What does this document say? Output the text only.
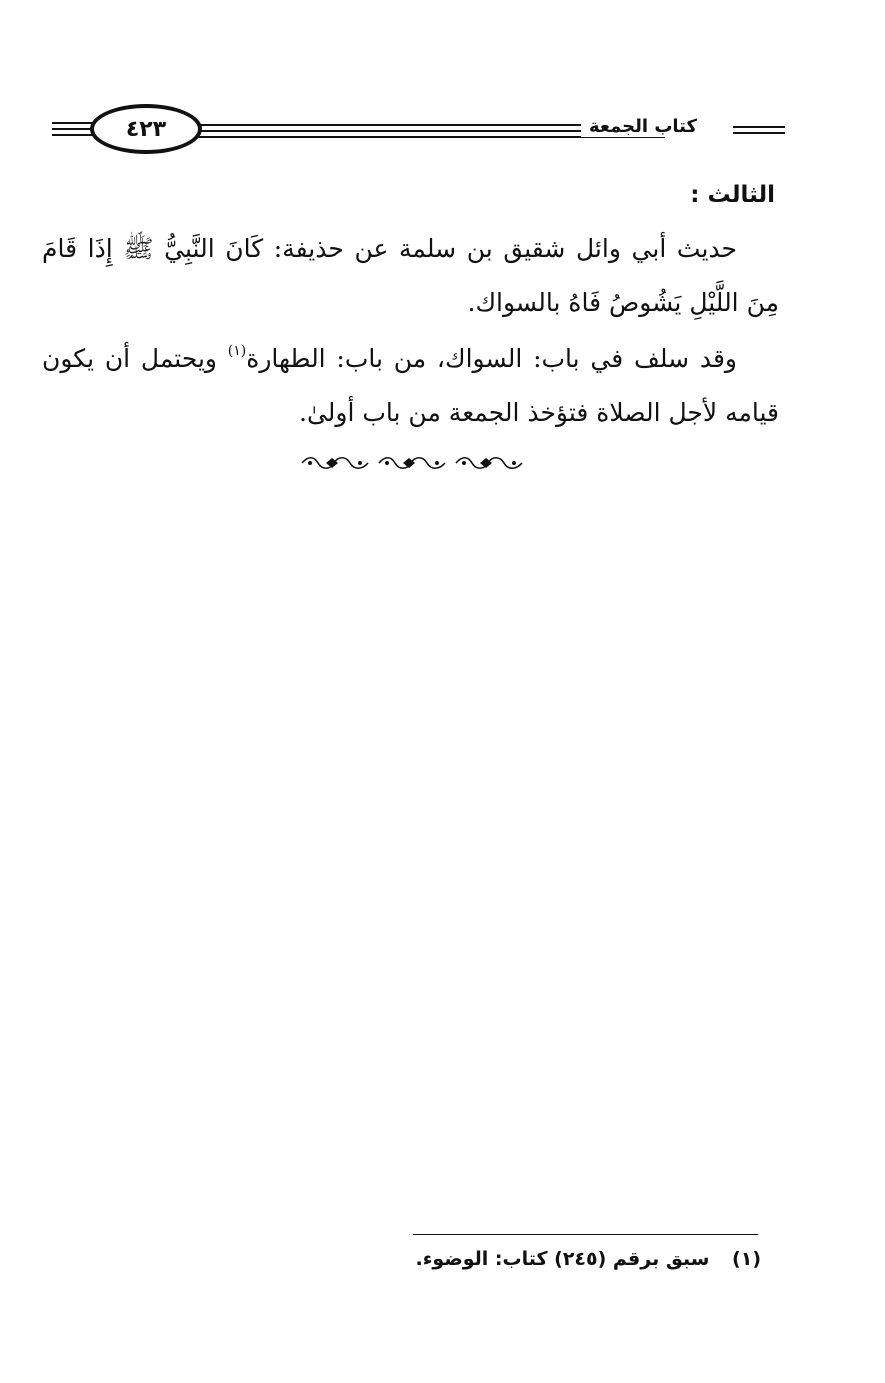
٤٢٣	كتاب الجمعة
الثالث :

حديث أبي وائل شقيق بن سلمة عن حذيفة: كَانَ النَّبِيُّ ﷺ إِذَا قَامَ مِنَ اللَّيْلِ يَشُوصُ فَاهُ بالسواك.

وقد سلف في باب: السواك، من باب: الطهارة$^{(١)}$ ويحتمل أن يكون قيامه لأجل الصلاة فتؤخذ الجمعة من باب أولىٰ.

(١) سبق برقم (٢٤٥) كتاب: الوضوء.
